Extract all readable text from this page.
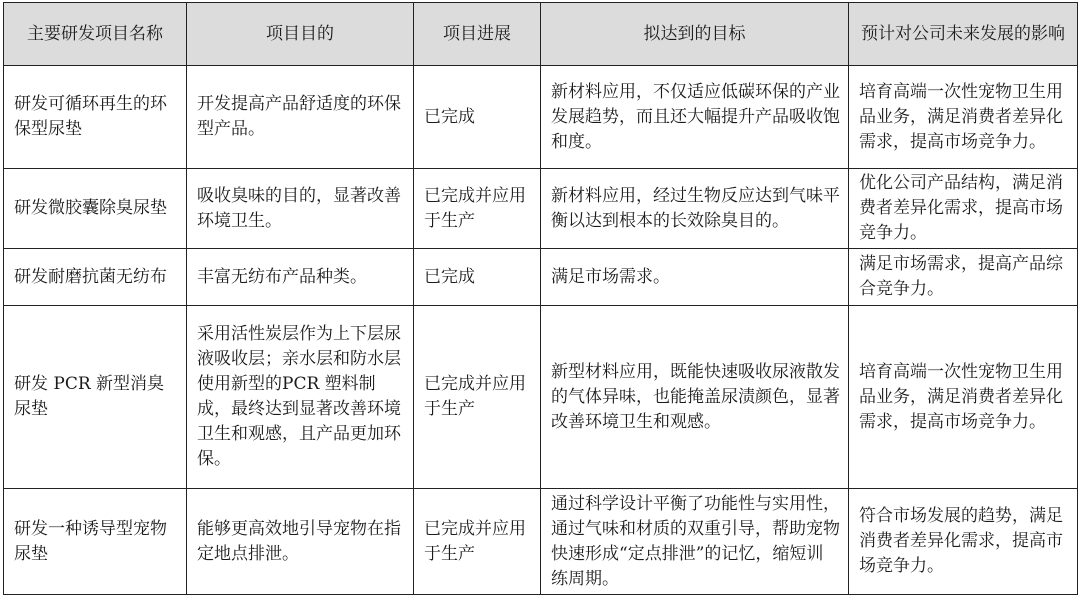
主要研发项目名称	项目目的	项目进展	拟达到的目标	预计对公司未来发展的影响
研发可循环再生的环保型尿垫	开发提高产品舒适度的环保型产品。	已完成	新材料应用，不仅适应低碳环保的产业发展趋势，而且还大幅提升产品吸收饱和度。	培育高端一次性宠物卫生用品业务，满足消费者差异化需求，提高市场竞争力。
研发微胶囊除臭尿垫	吸收臭味的目的，显著改善环境卫生。	已完成并应用于生产	新材料应用，经过生物反应达到气味平衡以达到根本的长效除臭目的。	优化公司产品结构，满足消费者差异化需求，提高市场竞争力。
研发耐磨抗菌无纺布	丰富无纺布产品种类。	已完成	满足市场需求。	满足市场需求，提高产品综合竞争力。
研发 PCR 新型消臭尿垫	采用活性炭层作为上下层尿液吸收层；亲水层和防水层使用新型的PCR 塑料制成，最终达到显著改善环境卫生和观感，且产品更加环保。	已完成并应用于生产	新型材料应用，既能快速吸收尿液散发的气体异味，也能掩盖尿渍颜色，显著改善环境卫生和观感。	培育高端一次性宠物卫生用品业务，满足消费者差异化需求，提高市场竞争力。
研发一种诱导型宠物尿垫	能够更高效地引导宠物在指定地点排泄。	已完成并应用于生产	通过科学设计平衡了功能性与实用性，通过气味和材质的双重引导，帮助宠物快速形成“定点排泄”的记忆，缩短训练周期。	符合市场发展的趋势，满足消费者差异化需求，提高市场竞争力。
